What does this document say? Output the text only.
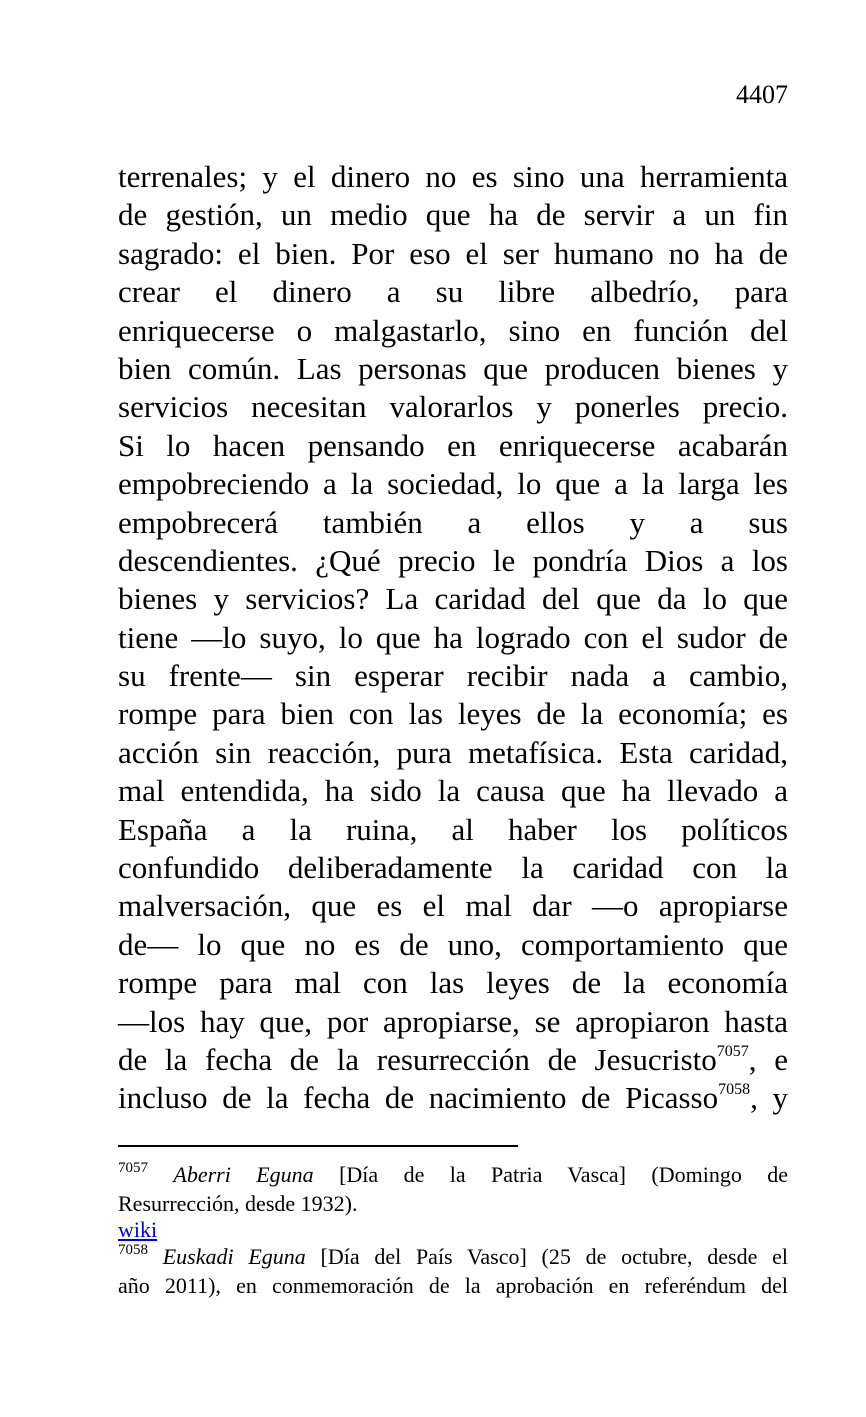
4407
terrenales; y el dinero no es sino una herramienta
de gestión, un medio que ha de servir a un fin
sagrado: el bien. Por eso el ser humano no ha de
crear el dinero a su libre albedrío, para
enriquecerse o malgastarlo, sino en función del
bien común. Las personas que producen bienes y
servicios necesitan valorarlos y ponerles precio.
Si lo hacen pensando en enriquecerse acabarán
empobreciendo a la sociedad, lo que a la larga les
empobrecerá también a ellos y a sus
descendientes. ¿Qué precio le pondría Dios a los
bienes y servicios? La caridad del que da lo que
tiene —lo suyo, lo que ha logrado con el sudor de
su frente— sin esperar recibir nada a cambio,
rompe para bien con las leyes de la economía; es
acción sin reacción, pura metafísica. Esta caridad,
mal entendida, ha sido la causa que ha llevado a
España a la ruina, al haber los políticos
confundido deliberadamente la caridad con la
malversación, que es el mal dar —o apropiarse
de— lo que no es de uno, comportamiento que
rompe para mal con las leyes de la economía
—los hay que, por apropiarse, se apropiaron hasta
de la fecha de la resurrección de Jesucristo$^{7057}$, e
incluso de la fecha de nacimiento de Picasso$^{7058}$, y
$^{7057}$ Aberri Eguna [Día de la Patria Vasca] (Domingo de
Resurrección, desde 1932).
wiki
$^{7058}$ Euskadi Eguna [Día del País Vasco] (25 de octubre, desde el
año 2011), en conmemoración de la aprobación en referéndum del
